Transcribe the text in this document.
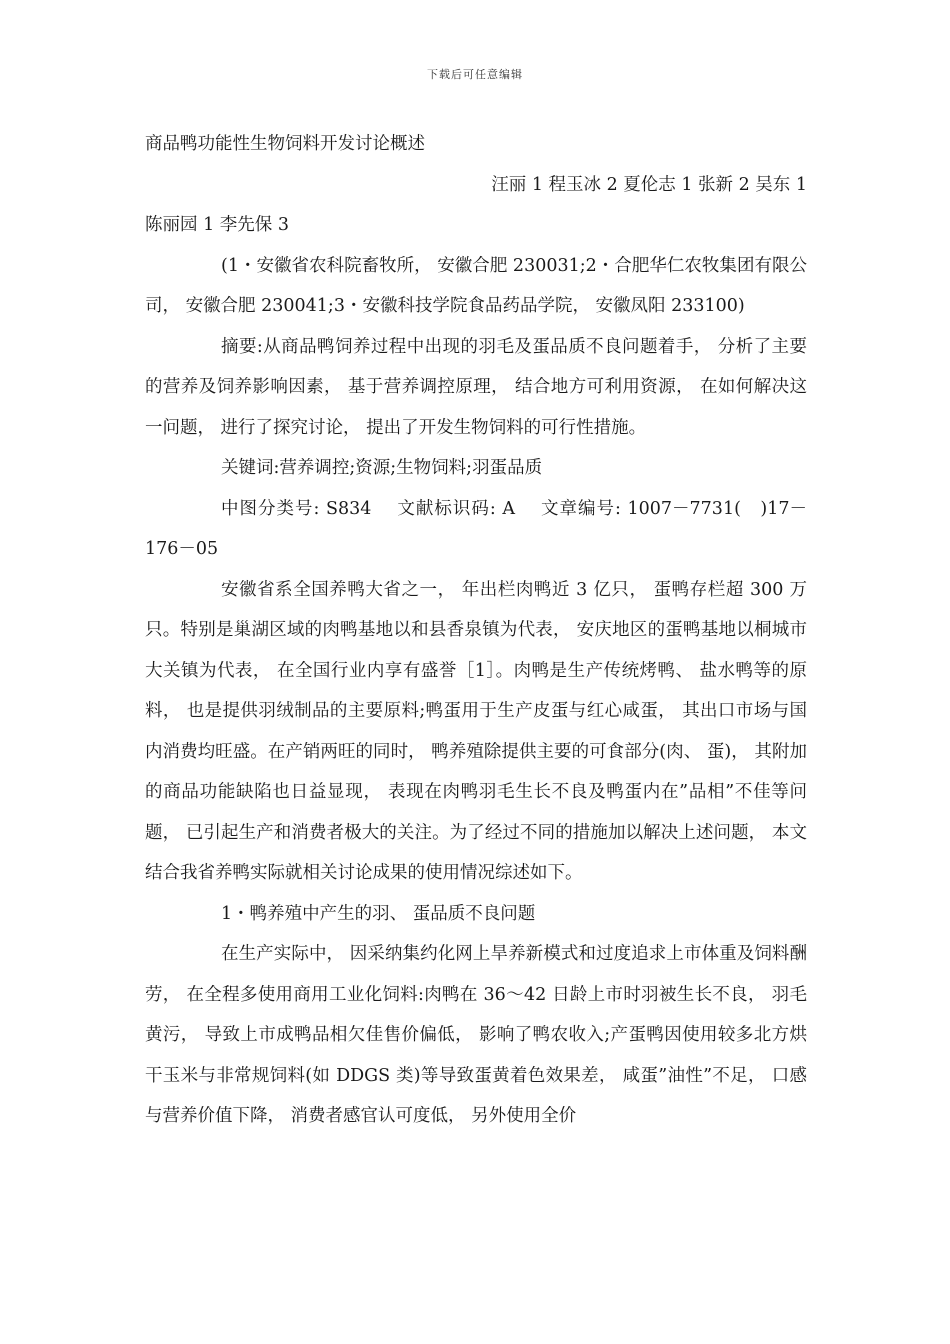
下载后可任意编辑

商品鸭功能性生物饲料开发讨论概述

汪丽 1 程玉冰 2 夏伦志 1 张新 2 吴东 1

陈丽园 1 李先保 3

(1・安徽省农科院畜牧所， 安徽合肥 230031;2・合肥华仁农牧集团有限公司， 安徽合肥 230041;3・安徽科技学院食品药品学院， 安徽凤阳 233100)

摘要:从商品鸭饲养过程中出现的羽毛及蛋品质不良问题着手， 分析了主要的营养及饲养影响因素， 基于营养调控原理， 结合地方可利用资源， 在如何解决这一问题， 进行了探究讨论， 提出了开发生物饲料的可行性措施。

关键词:营养调控;资源;生物饲料;羽蛋品质

中图分类号: S834　 文献标识码: A　 文章编号: 1007－7731(　)17－176－05

安徽省系全国养鸭大省之一， 年出栏肉鸭近 3 亿只， 蛋鸭存栏超 300 万只。特别是巢湖区域的肉鸭基地以和县香泉镇为代表， 安庆地区的蛋鸭基地以桐城市大关镇为代表， 在全国行业内享有盛誉［1］。肉鸭是生产传统烤鸭、 盐水鸭等的原料， 也是提供羽绒制品的主要原料;鸭蛋用于生产皮蛋与红心咸蛋， 其出口市场与国内消费均旺盛。在产销两旺的同时， 鸭养殖除提供主要的可食部分(肉、 蛋)， 其附加的商品功能缺陷也日益显现， 表现在肉鸭羽毛生长不良及鸭蛋内在”品相”不佳等问题， 已引起生产和消费者极大的关注。为了经过不同的措施加以解决上述问题， 本文结合我省养鸭实际就相关讨论成果的使用情况综述如下。

1・鸭养殖中产生的羽、 蛋品质不良问题

在生产实际中， 因采纳集约化网上旱养新模式和过度追求上市体重及饲料酬劳， 在全程多使用商用工业化饲料:肉鸭在 36～42 日龄上市时羽被生长不良， 羽毛黄污， 导致上市成鸭品相欠佳售价偏低， 影响了鸭农收入;产蛋鸭因使用较多北方烘干玉米与非常规饲料(如 DDGS 类)等导致蛋黄着色效果差， 咸蛋”油性”不足， 口感与营养价值下降， 消费者感官认可度低， 另外使用全价
